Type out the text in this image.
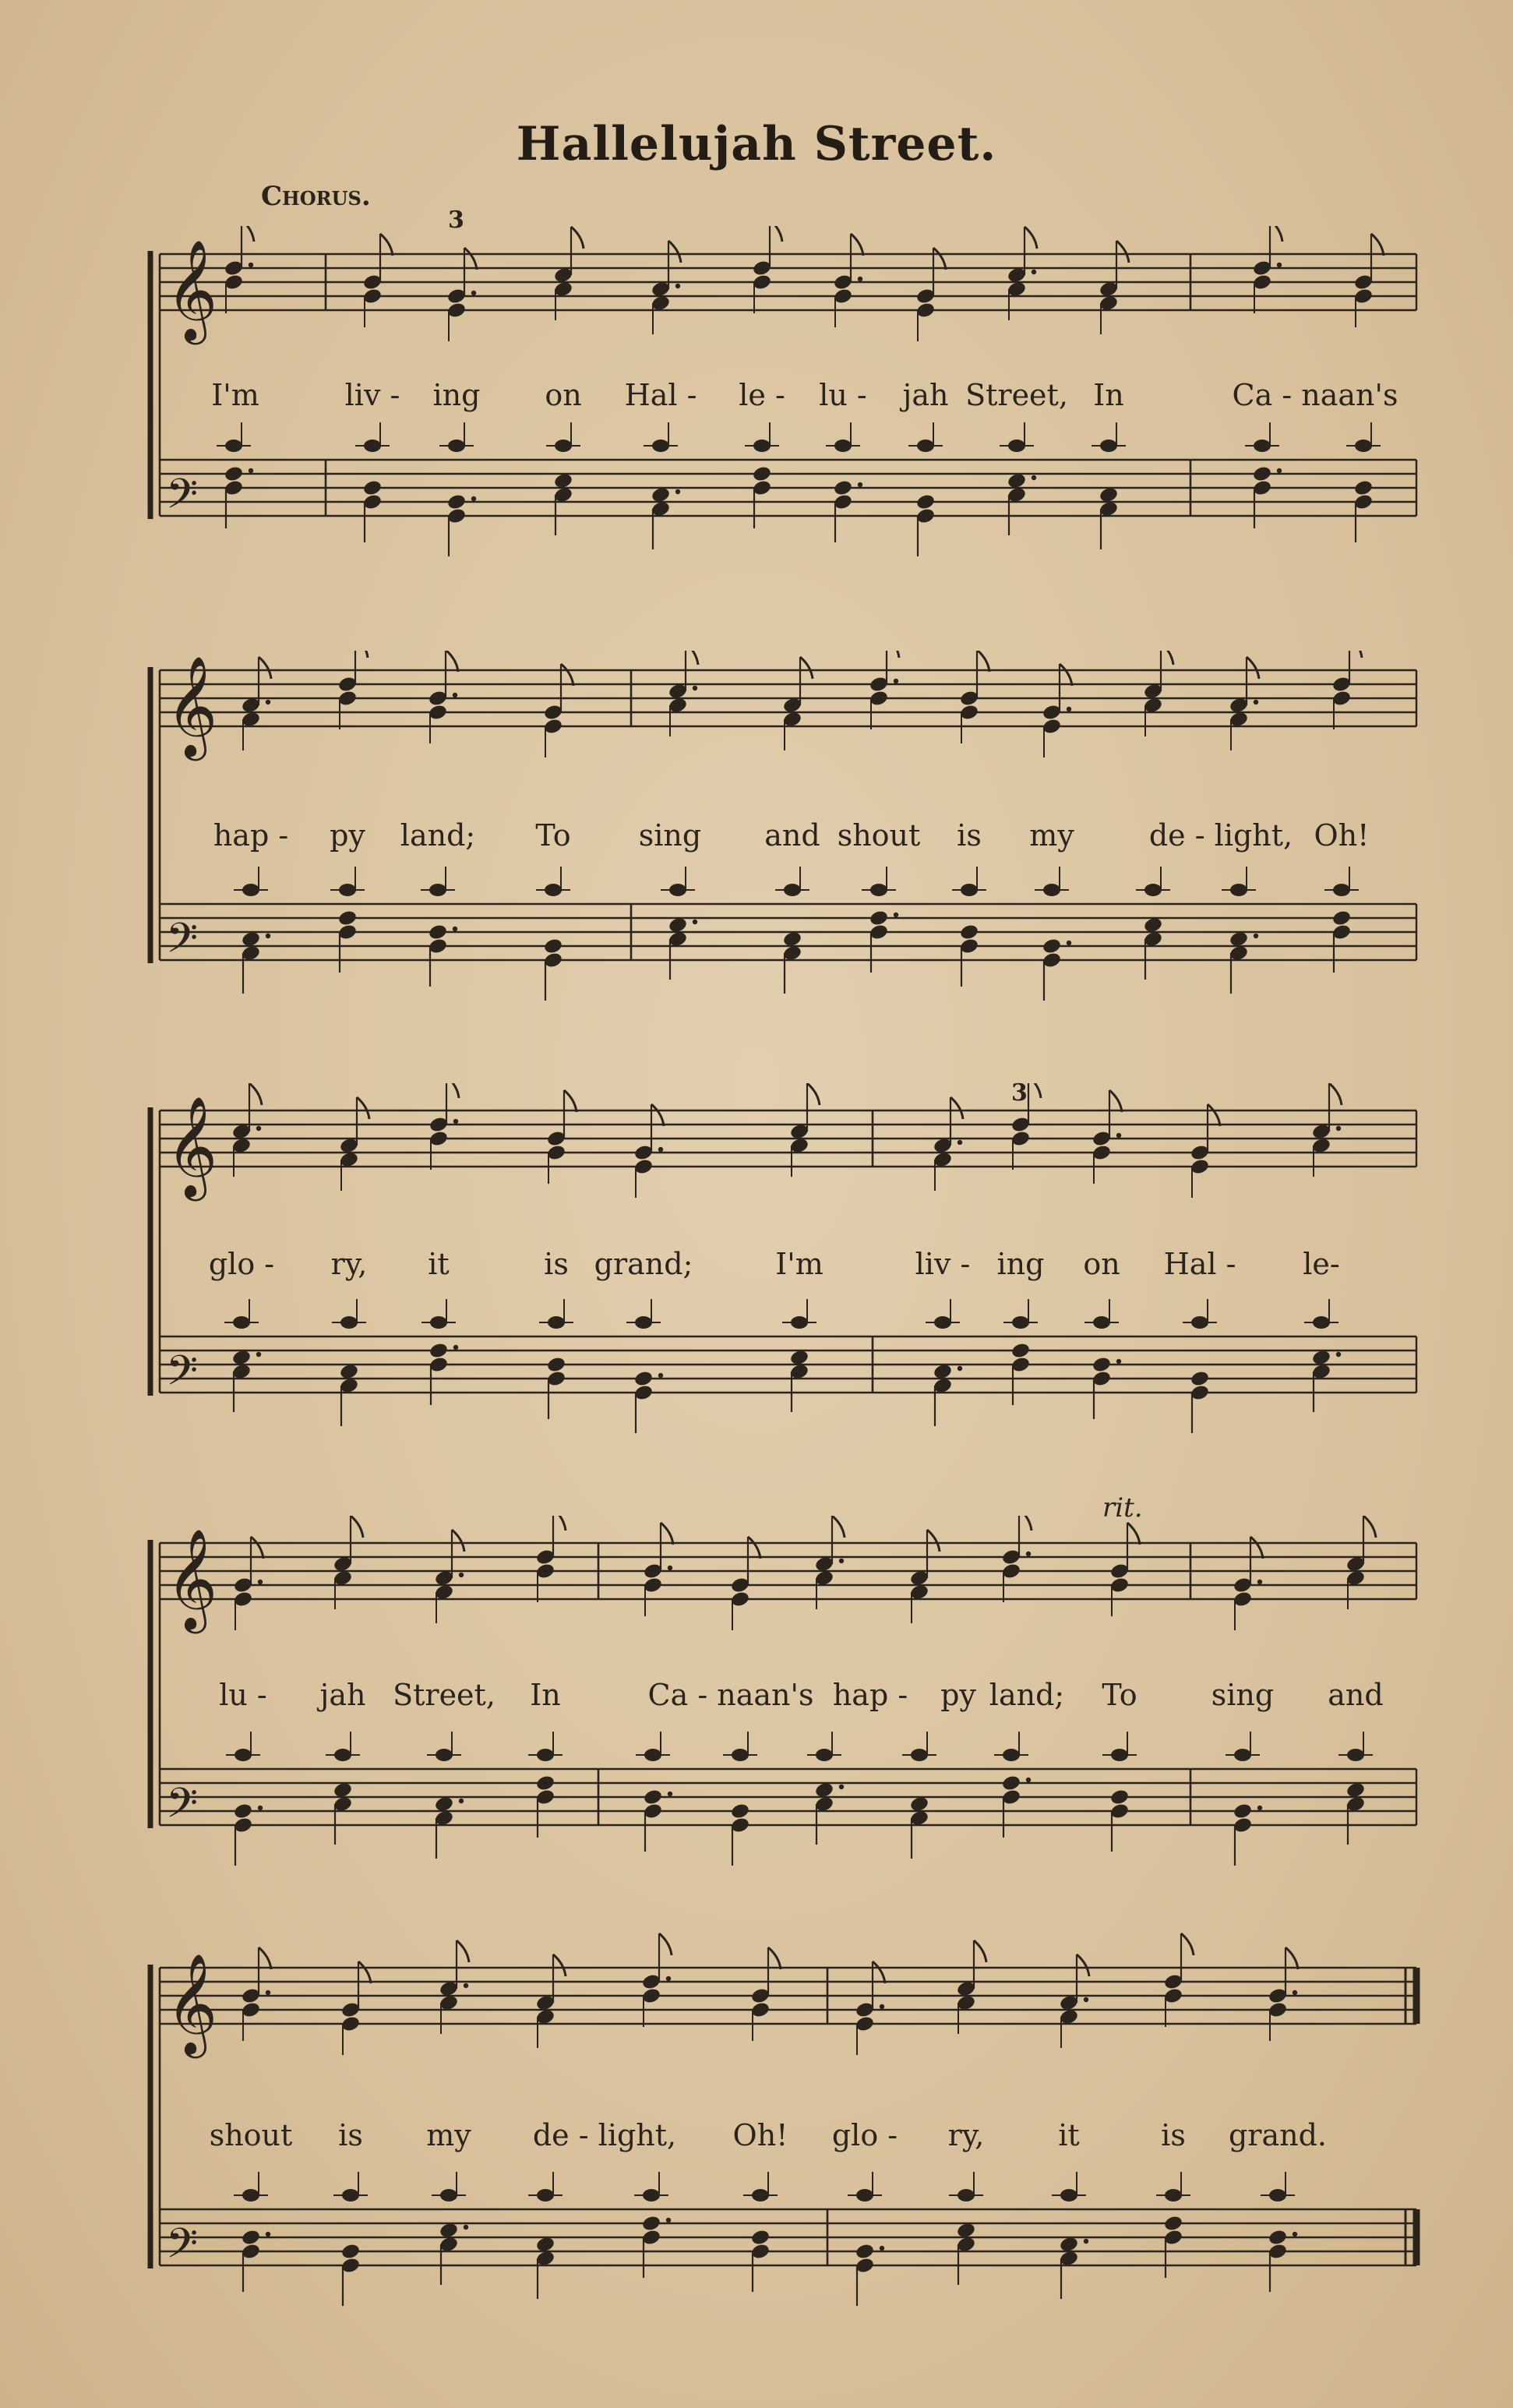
Hallelujah Street.
Chorus.
𝄞
𝄢
3
I'm	liv - ing on Hal - le - lu - jah Street, In	Ca - naan's
𝄞
𝄢
hap - py land; To sing and shout is my	de - light, Oh!
𝄞
𝄢
3
glo - ry, it	is grand;	I'm	liv - ing on Hal - le-
𝄞
𝄢
rit.
lu - jah Street, In	Ca - naan's hap - py land; To	sing and
𝄞
𝄢
shout is my de - light, Oh! glo - ry, it	is grand.
